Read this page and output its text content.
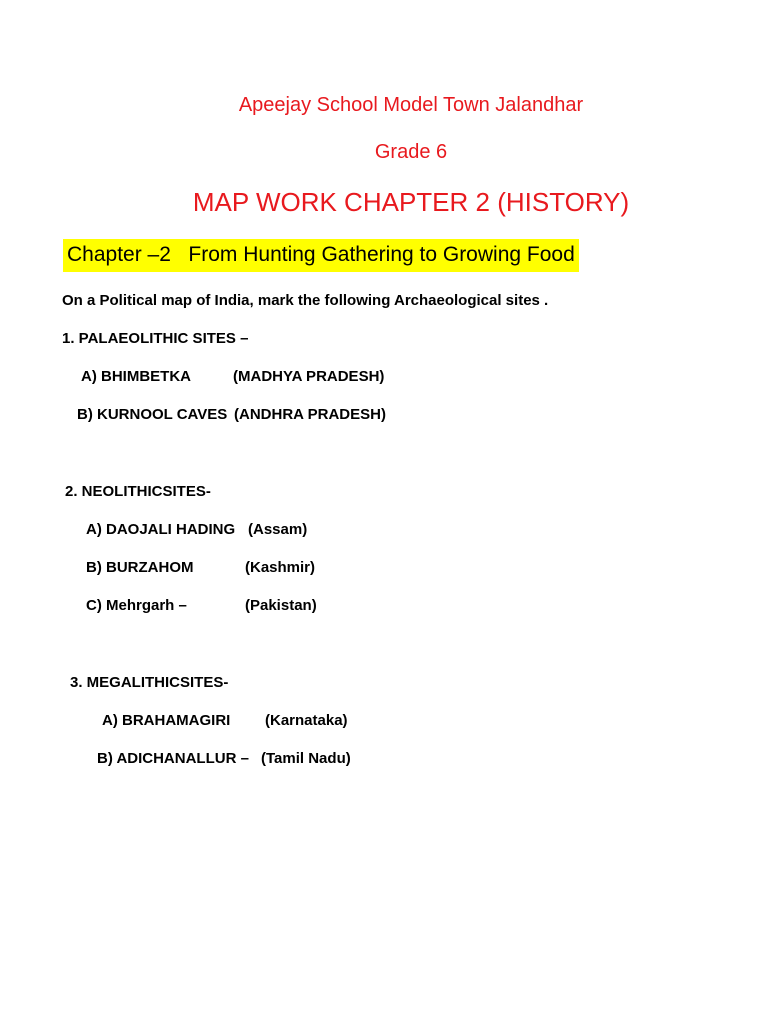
Apeejay School Model Town Jalandhar
Grade 6
MAP WORK CHAPTER 2 (HISTORY)
Chapter –2   From Hunting Gathering to Growing Food
On a Political map of India, mark the following Archaeological sites .
1. PALAEOLITHIC SITES –
A) BHIMBETKA	(MADHYA PRADESH)
B) KURNOOL CAVES (ANDHRA PRADESH)
2. NEOLITHICSITES-
A) DAOJALI HADING (Assam)
B) BURZAHOM	(Kashmir)
C) Mehrgarh –	(Pakistan)
3. MEGALITHICSITES-
A) BRAHAMAGIRI (Karnataka)
B) ADICHANALLUR – (Tamil Nadu)
